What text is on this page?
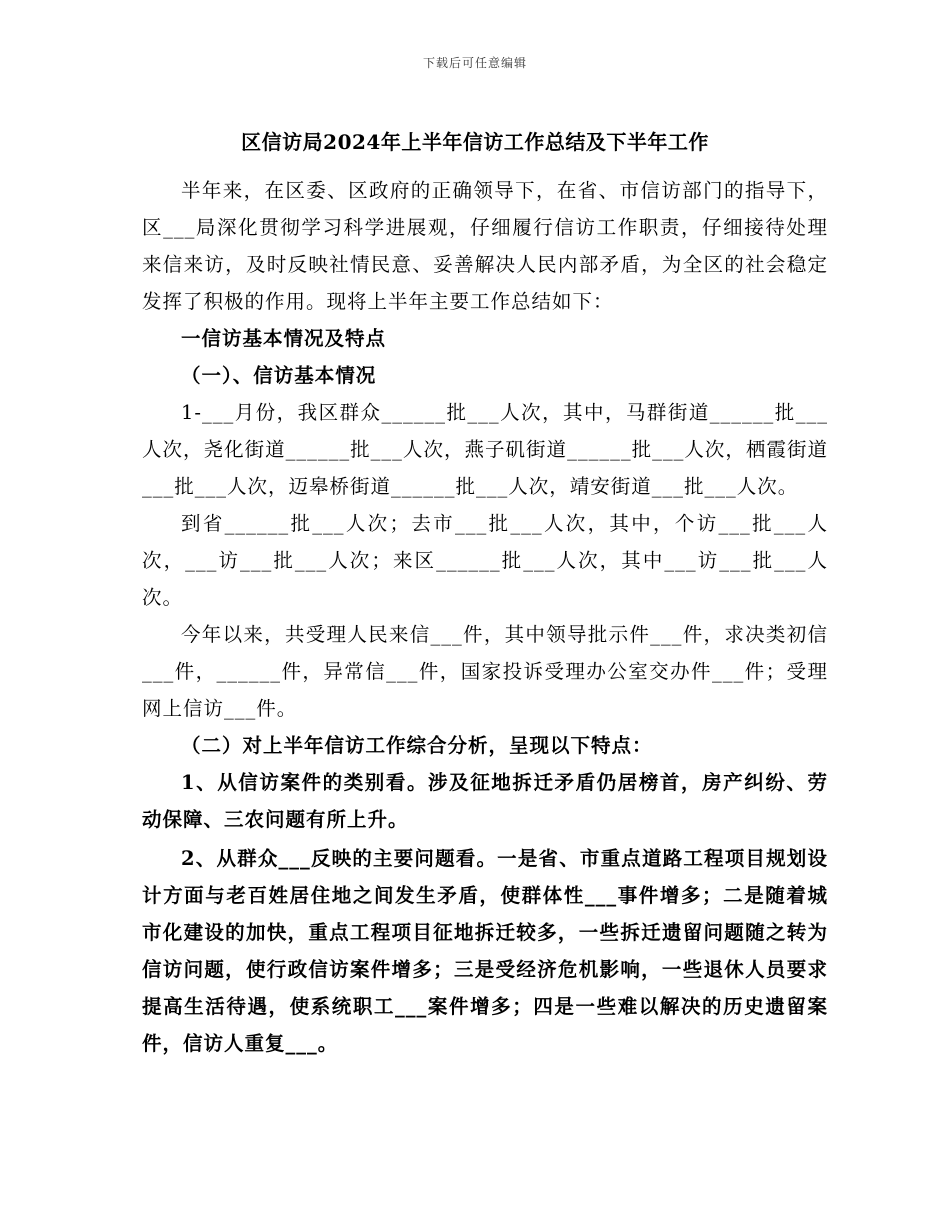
下载后可任意编辑
区信访局2024年上半年信访工作总结及下半年工作

半年来，在区委、区政府的正确领导下，在省、市信访部门的指导下，区___局深化贯彻学习科学进展观，仔细履行信访工作职责，仔细接待处理来信来访，及时反映社情民意、妥善解决人民内部矛盾，为全区的社会稳定发挥了积极的作用。现将上半年主要工作总结如下：

一信访基本情况及特点

（一）、信访基本情况

1-___月份，我区群众______批___人次，其中，马群街道______批___人次，尧化街道______批___人次，燕子矶街道______批___人次，栖霞街道___批___人次，迈皋桥街道______批___人次，靖安街道___批___人次。

到省______批___人次；去市___批___人次，其中，个访___批___人次，___访___批___人次；来区______批___人次，其中___访___批___人次。

今年以来，共受理人民来信___件，其中领导批示件___件，求决类初信___件，______件，异常信___件，国家投诉受理办公室交办件___件；受理网上信访___件。

（二）对上半年信访工作综合分析，呈现以下特点：

1、从信访案件的类别看。涉及征地拆迁矛盾仍居榜首，房产纠纷、劳动保障、三农问题有所上升。

2、从群众___反映的主要问题看。一是省、市重点道路工程项目规划设计方面与老百姓居住地之间发生矛盾，使群体性___事件增多；二是随着城市化建设的加快，重点工程项目征地拆迁较多，一些拆迁遗留问题随之转为信访问题，使行政信访案件增多；三是受经济危机影响，一些退休人员要求提高生活待遇，使系统职工___案件增多；四是一些难以解决的历史遗留案件，信访人重复___。
